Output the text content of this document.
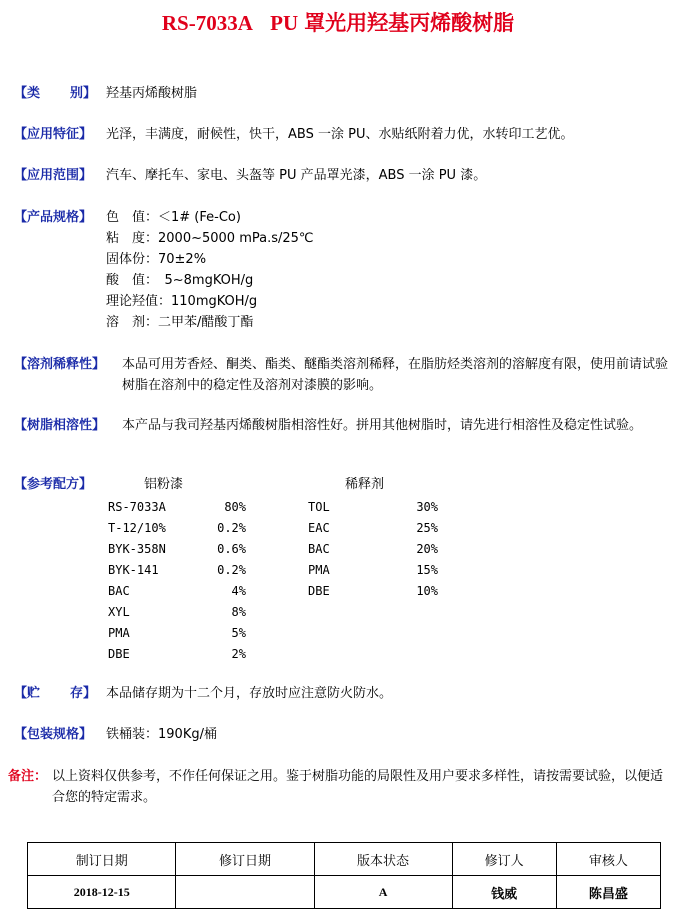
RS-7033A PU 罩光用羟基丙烯酸树脂
【类 别】 羟基丙烯酸树脂
【应用特征】 光泽，丰满度，耐候性，快干，ABS 一涂 PU、水贴纸附着力优，水转印工艺优。
【应用范围】 汽车、摩托车、家电、头盔等 PU 产品罩光漆，ABS 一涂 PU 漆。
【产品规格】 色　值：＜1# (Fe-Co)
粘　度：2000~5000 mPa.s/25℃
固体份：70±2%
酸　值：　5~8mgKOH/g
理论羟值：110mgKOH/g
溶　剂：二甲苯/醋酸丁酯
【溶剂稀释性】 本品可用芳香烃、酮类、酯类、醚酯类溶剂稀释，在脂肪烃类溶剂的溶解度有限，使用前请试验树脂在溶剂中的稳定性及溶剂对漆膜的影响。
【树脂相溶性】 本产品与我司羟基丙烯酸树脂相溶性好。拼用其他树脂时，请先进行相溶性及稳定性试验。
【参考配方】	铝粉漆	稀释剂
RS-7033A	80%
T-12/10%	0.2%
BYK-358N	0.6%
BYK-141	0.2%
BAC	4%
XYL	8%
PMA	5%
DBE	2%
TOL	30%
EAC	25%
BAC	20%
PMA	15%
DBE	10%
【贮 存】 本品储存期为十二个月，存放时应注意防火防水。
【包装规格】 铁桶装：190Kg/桶
备注： 以上资料仅供参考，不作任何保证之用。鉴于树脂功能的局限性及用户要求多样性，请按需要试验，以便适合您的特定需求。
制订日期	修订日期	版本状态	修订人	审核人
2018-12-15		A	钱威	陈昌盛
